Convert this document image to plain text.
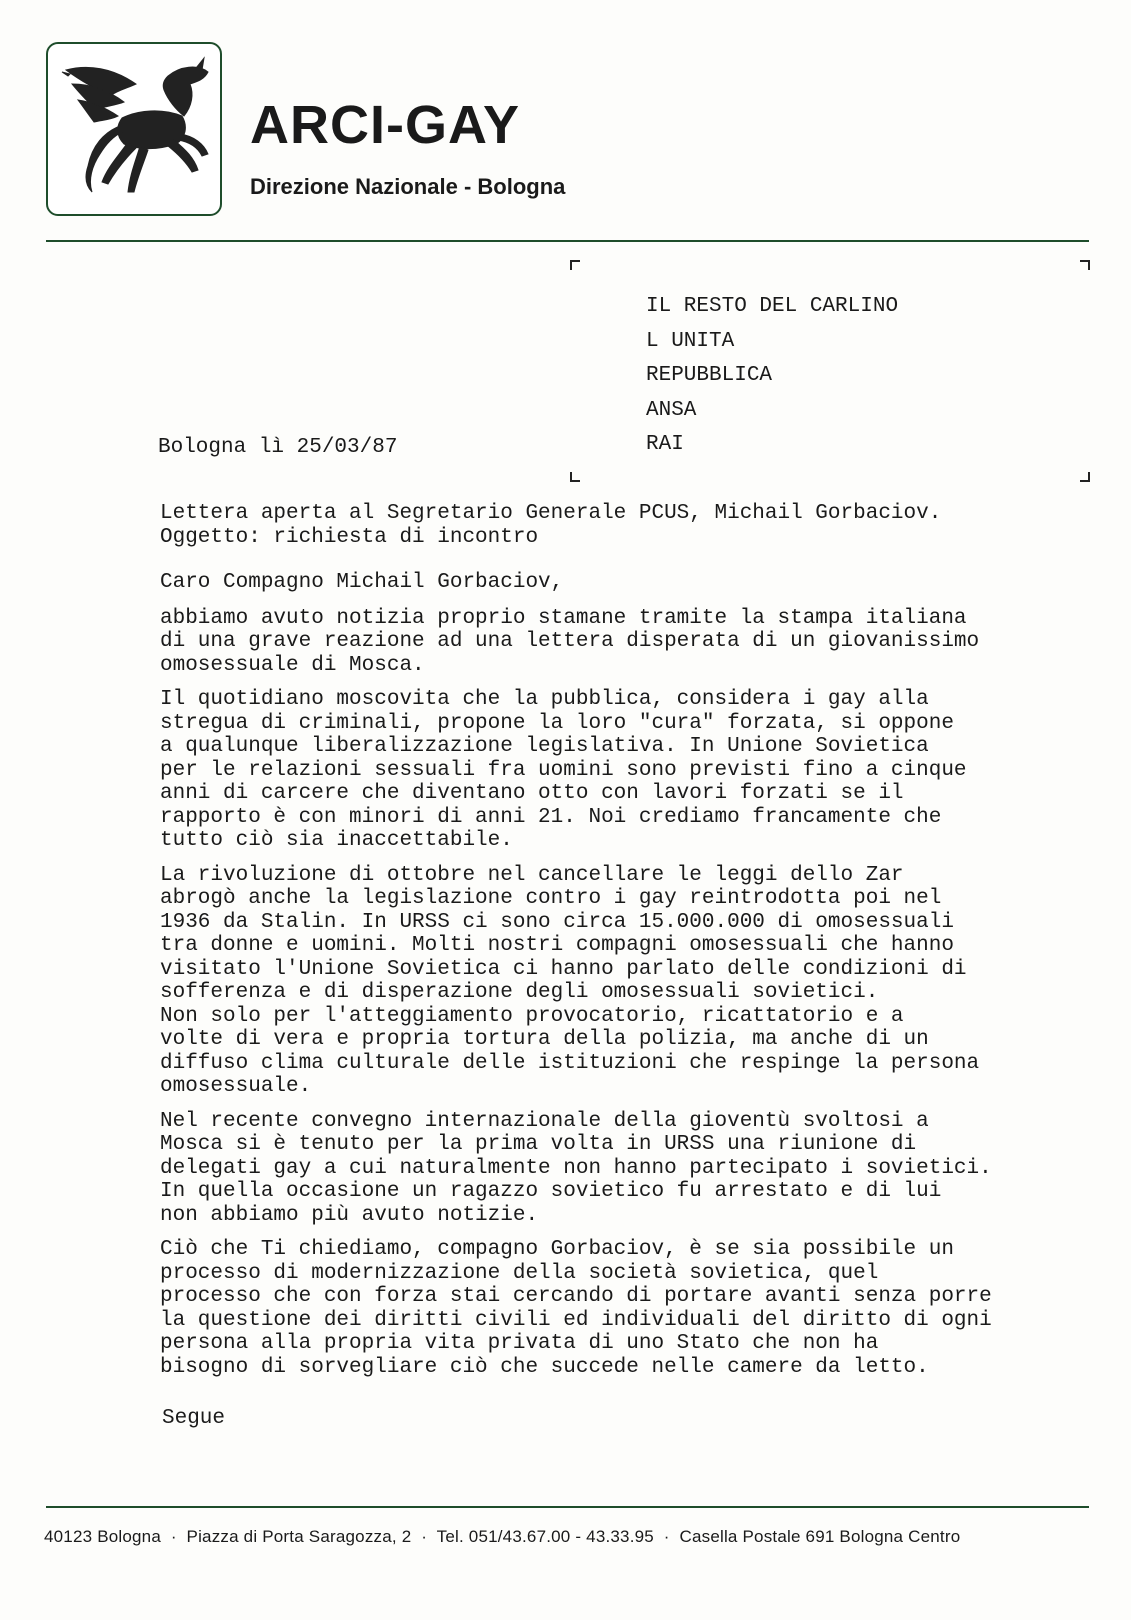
ARCI-GAY
Direzione Nazionale - Bologna
IL RESTO DEL CARLINO
L UNITA
REPUBBLICA
ANSA
RAI
Bologna lì 25/03/87

Lettera aperta al Segretario Generale PCUS, Michail Gorbaciov.
Oggetto: richiesta di incontro

Caro Compagno Michail Gorbaciov,

abbiamo avuto notizia proprio stamane tramite la stampa italiana
di una grave reazione ad una lettera disperata di un giovanissimo
omosessuale di Mosca.

Il quotidiano moscovita che la pubblica, considera i gay alla
stregua di criminali, propone la loro "cura" forzata, si oppone
a qualunque liberalizzazione legislativa. In Unione Sovietica
per le relazioni sessuali fra uomini sono previsti fino a cinque
anni di carcere che diventano otto con lavori forzati se il
rapporto è con minori di anni 21. Noi crediamo francamente che
tutto ciò sia inaccettabile.

La rivoluzione di ottobre nel cancellare le leggi dello Zar
abrogò anche la legislazione contro i gay reintrodotta poi nel
1936 da Stalin. In URSS ci sono circa 15.000.000 di omosessuali
tra donne e uomini. Molti nostri compagni omosessuali che hanno
visitato l'Unione Sovietica ci hanno parlato delle condizioni di
sofferenza e di disperazione degli omosessuali sovietici.
Non solo per l'atteggiamento provocatorio, ricattatorio e a
volte di vera e propria tortura della polizia, ma anche di un
diffuso clima culturale delle istituzioni che respinge la persona
omosessuale.

Nel recente convegno internazionale della gioventù svoltosi a
Mosca si è tenuto per la prima volta in URSS una riunione di
delegati gay a cui naturalmente non hanno partecipato i sovietici.
In quella occasione un ragazzo sovietico fu arrestato e di lui
non abbiamo più avuto notizie.

Ciò che Ti chiediamo, compagno Gorbaciov, è se sia possibile un
processo di modernizzazione della società sovietica, quel
processo che con forza stai cercando di portare avanti senza porre
la questione dei diritti civili ed individuali del diritto di ogni
persona alla propria vita privata di uno Stato che non ha
bisogno di sorvegliare ciò che succede nelle camere da letto.

Segue
40123 Bologna  ·  Piazza di Porta Saragozza, 2  ·  Tel. 051/43.67.00 - 43.33.95  ·  Casella Postale 691 Bologna Centro
